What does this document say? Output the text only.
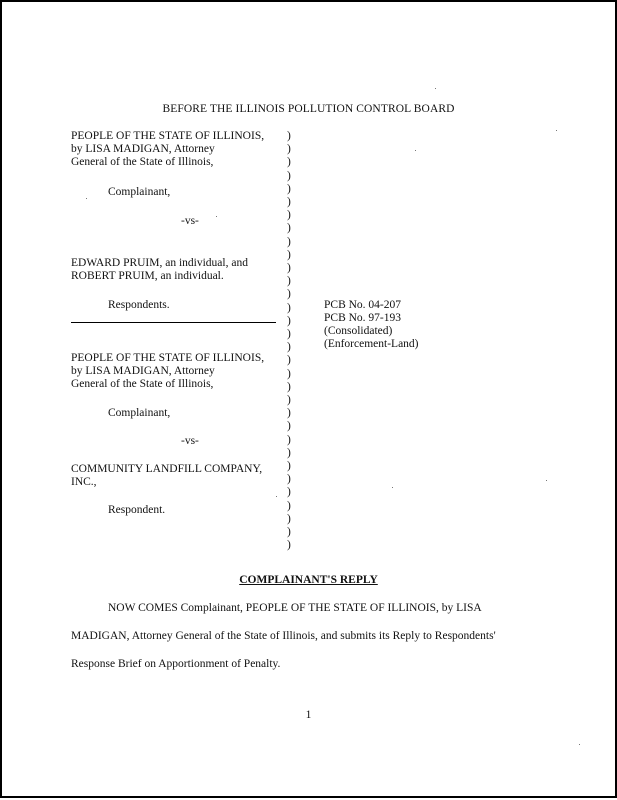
BEFORE THE ILLINOIS POLLUTION CONTROL BOARD
PEOPLE OF THE STATE OF ILLINOIS,
by LISA MADIGAN, Attorney
General of the State of Illinois,
Complainant,
-vs-
EDWARD PRUIM, an individual, and
ROBERT PRUIM, an individual.
Respondents.
)
)
)
)
)
)
)
)
)
)
)
)
)
)
)
)
)
)
)
)
)
)
)
)
)
)
)
)
)
)
)
)
PCB No. 04-207
PCB No. 97-193
(Consolidated)
(Enforcement-Land)
PEOPLE OF THE STATE OF ILLINOIS,
by LISA MADIGAN, Attorney
General of the State of Illinois,
Complainant,
-vs-
COMMUNITY LANDFILL COMPANY,
INC.,
Respondent.
COMPLAINANT'S REPLY
NOW COMES Complainant, PEOPLE OF THE STATE OF ILLINOIS, by LISA
MADIGAN, Attorney General of the State of Illinois, and submits its Reply to Respondents'
Response Brief on Apportionment of Penalty.
1
